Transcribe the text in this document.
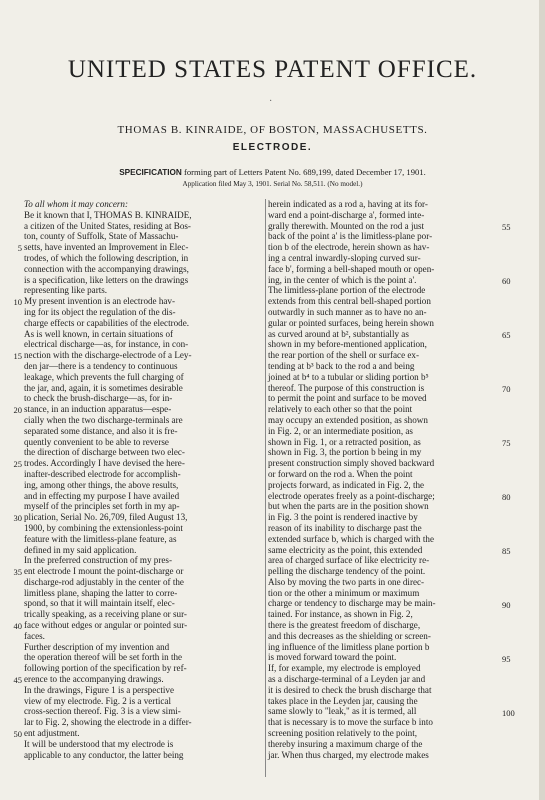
UNITED STATES PATENT OFFICE.
·
THOMAS B. KINRAIDE, OF BOSTON, MASSACHUSETTS.
ELECTRODE.
SPECIFICATION forming part of Letters Patent No. 689,199, dated December 17, 1901.
Application filed May 3, 1901. Serial No. 58,511. (No model.)
To all whom it may concern:
Be it known that I, THOMAS B. KINRAIDE,
a citizen of the United States, residing at Bos-
ton, county of Suffolk, State of Massachu-
setts, have invented an Improvement in Elec-
trodes, of which the following description, in
connection with the accompanying drawings,
is a specification, like letters on the drawings
representing like parts.
My present invention is an electrode hav-
ing for its object the regulation of the dis-
charge effects or capabilities of the electrode.
As is well known, in certain situations of
electrical discharge—as, for instance, in con-
nection with the discharge-electrode of a Ley-
den jar—there is a tendency to continuous
leakage, which prevents the full charging of
the jar, and, again, it is sometimes desirable
to check the brush-discharge—as, for in-
stance, in an induction apparatus—espe-
cially when the two discharge-terminals are
separated some distance, and also it is fre-
quently convenient to be able to reverse
the direction of discharge between two elec-
trodes. Accordingly I have devised the here-
inafter-described electrode for accomplish-
ing, among other things, the above results,
and in effecting my purpose I have availed
myself of the principles set forth in my ap-
plication, Serial No. 26,709, filed August 13,
1900, by combining the extensionless-point
feature with the limitless-plane feature, as
defined in my said application.
In the preferred construction of my pres-
ent electrode I mount the point-discharge or
discharge-rod adjustably in the center of the
limitless plane, shaping the latter to corre-
spond, so that it will maintain itself, elec-
trically speaking, as a receiving plane or sur-
face without edges or angular or pointed sur-
faces.
Further description of my invention and
the operation thereof will be set forth in the
following portion of the specification by ref-
erence to the accompanying drawings.
In the drawings, Figure 1 is a perspective
view of my electrode. Fig. 2 is a vertical
cross-section thereof. Fig. 3 is a view simi-
lar to Fig. 2, showing the electrode in a differ-
ent adjustment.
It will be understood that my electrode is
applicable to any conductor, the latter being
herein indicated as a rod a, having at its for-
ward end a point-discharge a', formed inte-
grally therewith. Mounted on the rod a just
back of the point a' is the limitless-plane por-
tion b of the electrode, herein shown as hav-
ing a central inwardly-sloping curved sur-
face b', forming a bell-shaped mouth or open-
ing, in the center of which is the point a'.
The limitless-plane portion of the electrode
extends from this central bell-shaped portion
outwardly in such manner as to have no an-
gular or pointed surfaces, being herein shown
as curved around at b², substantially as
shown in my before-mentioned application,
the rear portion of the shell or surface ex-
tending at b³ back to the rod a and being
joined at b⁴ to a tubular or sliding portion b⁵
thereof. The purpose of this construction is
to permit the point and surface to be moved
relatively to each other so that the point
may occupy an extended position, as shown
in Fig. 2, or an intermediate position, as
shown in Fig. 1, or a retracted position, as
shown in Fig. 3, the portion b being in my
present construction simply shoved backward
or forward on the rod a. When the point
projects forward, as indicated in Fig. 2, the
electrode operates freely as a point-discharge;
but when the parts are in the position shown
in Fig. 3 the point is rendered inactive by
reason of its inability to discharge past the
extended surface b, which is charged with the
same electricity as the point, this extended
area of charged surface of like electricity re-
pelling the discharge tendency of the point.
Also by moving the two parts in one direc-
tion or the other a minimum or maximum
charge or tendency to discharge may be main-
tained. For instance, as shown in Fig. 2,
there is the greatest freedom of discharge,
and this decreases as the shielding or screen-
ing influence of the limitless plane portion b
is moved forward toward the point.
If, for example, my electrode is employed
as a discharge-terminal of a Leyden jar and
it is desired to check the brush discharge that
takes place in the Leyden jar, causing the
same slowly to "leak," as it is termed, all
that is necessary is to move the surface b into
screening position relatively to the point,
thereby insuring a maximum charge of the
jar. When thus charged, my electrode makes
5
10
15
20
25
30
35
40
45
50
55
60
65
70
75
80
85
90
95
100
